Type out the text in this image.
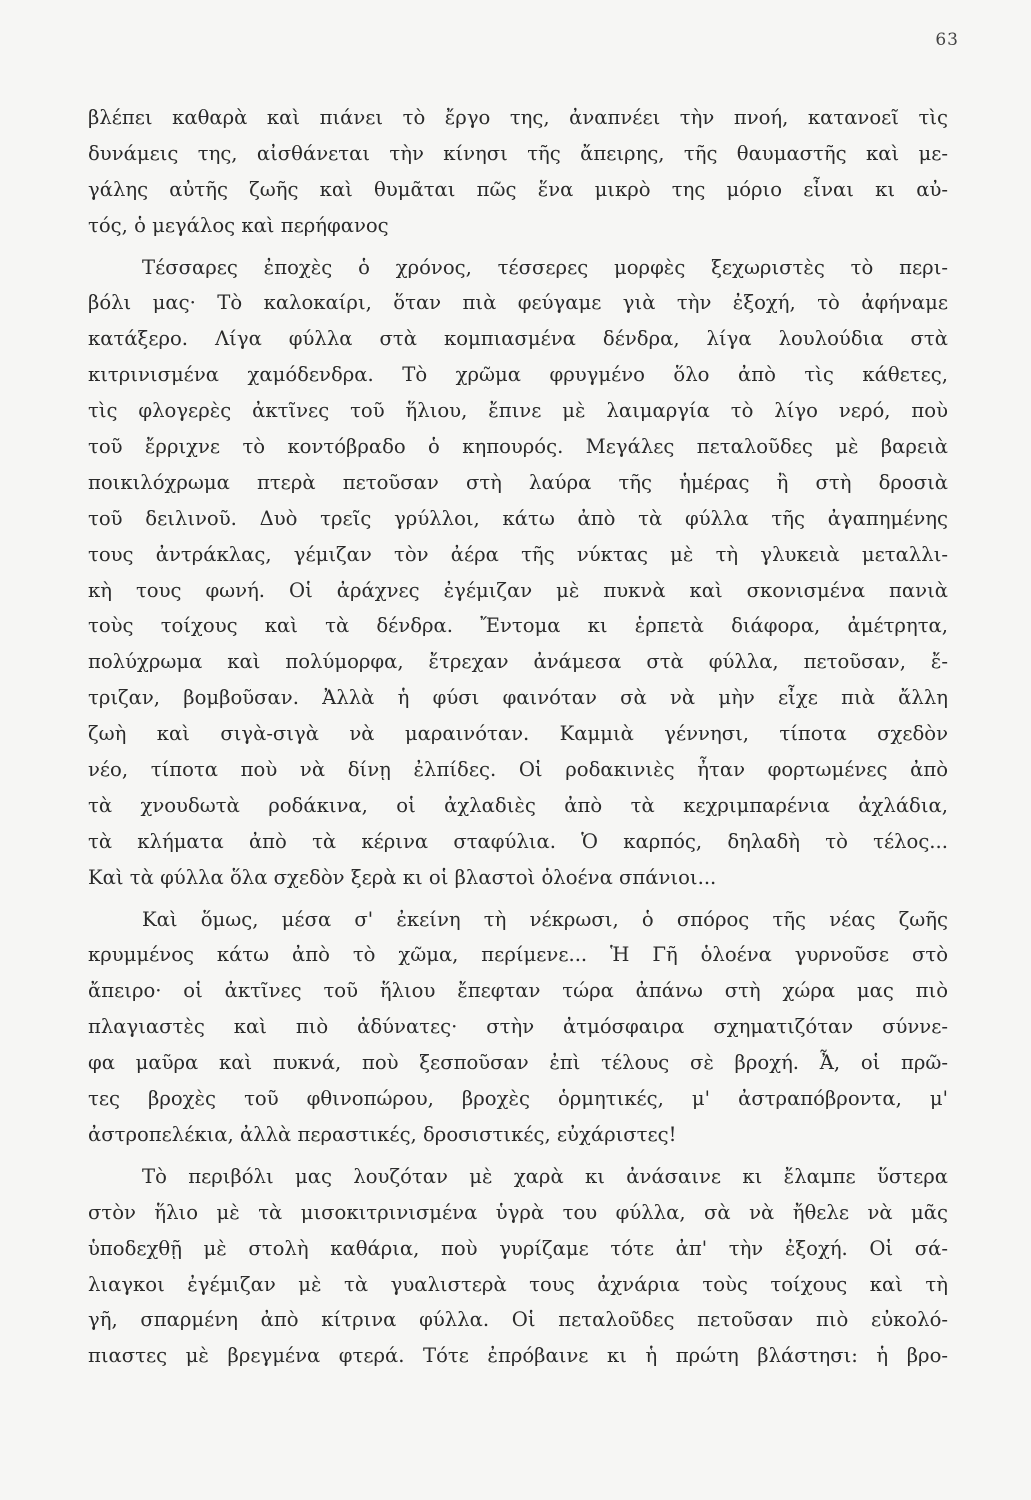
63
βλέπει καθαρὰ καὶ πιάνει τὸ ἔργο της, ἀναπνέει τὴν πνοή, κατανοεῖ τὶς
δυνάμεις της, αἰσθάνεται τὴν κίνησι τῆς ἄπειρης, τῆς θαυμαστῆς καὶ με-
γάλης αὐτῆς ζωῆς καὶ θυμᾶται πῶς ἕνα μικρὸ της μόριο εἶναι κι αὐ-
τός, ὁ μεγάλος καὶ περήφανος
Τέσσαρες ἐποχὲς ὁ χρόνος, τέσσερες μορφὲς ξεχωριστὲς τὸ περι-
βόλι μας· Τὸ καλοκαίρι, ὅταν πιὰ φεύγαμε γιὰ τὴν ἐξοχή, τὸ ἀφήναμε
κατάξερο. Λίγα φύλλα στὰ κομπιασμένα δένδρα, λίγα λουλούδια στὰ
κιτρινισμένα χαμόδενδρα. Τὸ χρῶμα φρυγμένο ὅλο ἀπὸ τὶς κάθετες,
τὶς φλογερὲς ἀκτῖνες τοῦ ἥλιου, ἔπινε μὲ λαιμαργία τὸ λίγο νερό, ποὺ
τοῦ ἔρριχνε τὸ κοντόβραδο ὁ κηπουρός. Μεγάλες πεταλοῦδες μὲ βαρειὰ
ποικιλόχρωμα πτερὰ πετοῦσαν στὴ λαύρα τῆς ἡμέρας ἢ στὴ δροσιὰ
τοῦ δειλινοῦ. Δυὸ τρεῖς γρύλλοι, κάτω ἀπὸ τὰ φύλλα τῆς ἀγαπημένης
τους ἀντράκλας, γέμιζαν τὸν ἀέρα τῆς νύκτας μὲ τὴ γλυκειὰ μεταλλι-
κὴ τους φωνή. Οἱ ἀράχνες ἐγέμιζαν μὲ πυκνὰ καὶ σκονισμένα πανιὰ
τοὺς τοίχους καὶ τὰ δένδρα. Ἔντομα κι ἑρπετὰ διάφορα, ἀμέτρητα,
πολύχρωμα καὶ πολύμορφα, ἔτρεχαν ἀνάμεσα στὰ φύλλα, πετοῦσαν, ἔ-
τριζαν, βομβοῦσαν. Ἀλλὰ ἡ φύσι φαινόταν σὰ νὰ μὴν εἶχε πιὰ ἄλλη
ζωὴ καὶ σιγὰ-σιγὰ νὰ μαραινόταν. Καμμιὰ γέννησι, τίποτα σχεδὸν
νέο, τίποτα ποὺ νὰ δίνῃ ἐλπίδες. Οἱ ροδακινιὲς ἦταν φορτωμένες ἀπὸ
τὰ χνουδωτὰ ροδάκινα, οἱ ἀχλαδιὲς ἀπὸ τὰ κεχριμπαρένια ἀχλάδια,
τὰ κλήματα ἀπὸ τὰ κέρινα σταφύλια. Ὁ καρπός, δηλαδὴ τὸ τέλος...
Καὶ τὰ φύλλα ὅλα σχεδὸν ξερὰ κι οἱ βλαστοὶ ὁλοένα σπάνιοι...
Καὶ ὅμως, μέσα σ' ἐκείνη τὴ νέκρωσι, ὁ σπόρος τῆς νέας ζωῆς
κρυμμένος κάτω ἀπὸ τὸ χῶμα, περίμενε... Ἡ Γῆ ὁλοένα γυρνοῦσε στὸ
ἄπειρο· οἱ ἀκτῖνες τοῦ ἥλιου ἔπεφταν τώρα ἀπάνω στὴ χώρα μας πιὸ
πλαγιαστὲς καὶ πιὸ ἀδύνατες· στὴν ἀτμόσφαιρα σχηματιζόταν σύννε-
φα μαῦρα καὶ πυκνά, ποὺ ξεσποῦσαν ἐπὶ τέλους σὲ βροχή. Ἆ, οἱ πρῶ-
τες βροχὲς τοῦ φθινοπώρου, βροχὲς ὁρμητικές, μ' ἀστραπόβροντα, μ'
ἀστροπελέκια, ἀλλὰ περαστικές, δροσιστικές, εὐχάριστες!
Τὸ περιβόλι μας λουζόταν μὲ χαρὰ κι ἀνάσαινε κι ἔλαμπε ὕστερα
στὸν ἥλιο μὲ τὰ μισοκιτρινισμένα ὑγρὰ του φύλλα, σὰ νὰ ἤθελε νὰ μᾶς
ὑποδεχθῇ μὲ στολὴ καθάρια, ποὺ γυρίζαμε τότε ἀπ' τὴν ἐξοχή. Οἱ σά-
λιαγκοι ἐγέμιζαν μὲ τὰ γυαλιστερὰ τους ἀχνάρια τοὺς τοίχους καὶ τὴ
γῆ, σπαρμένη ἀπὸ κίτρινα φύλλα. Οἱ πεταλοῦδες πετοῦσαν πιὸ εὐκολό-
πιαστες μὲ βρεγμένα φτερά. Τότε ἐπρόβαινε κι ἡ πρώτη βλάστησι: ἡ βρο-
